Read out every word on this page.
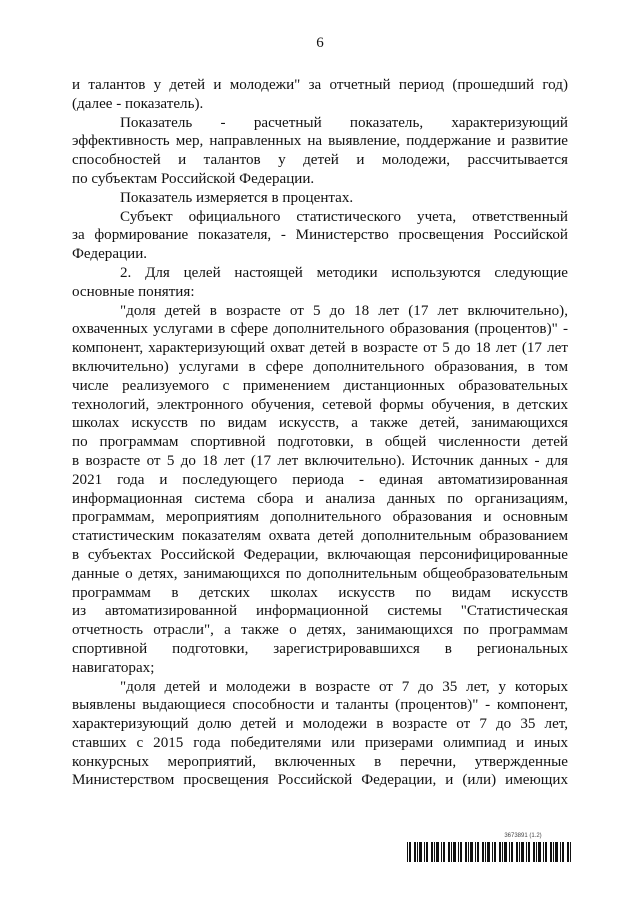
6
и талантов у детей и молодежи" за отчетный период (прошедший год)
(далее - показатель).
Показатель - расчетный показатель, характеризующий
эффективность мер, направленных на выявление, поддержание и развитие
способностей и талантов у детей и молодежи, рассчитывается
по субъектам Российской Федерации.
Показатель измеряется в процентах.
Субъект официального статистического учета, ответственный
за формирование показателя, - Министерство просвещения Российской
Федерации.
2. Для целей настоящей методики используются следующие
основные понятия:
"доля детей в возрасте от 5 до 18 лет (17 лет включительно),
охваченных услугами в сфере дополнительного образования (процентов)" -
компонент, характеризующий охват детей в возрасте от 5 до 18 лет (17 лет
включительно) услугами в сфере дополнительного образования, в том
числе реализуемого с применением дистанционных образовательных
технологий, электронного обучения, сетевой формы обучения, в детских
школах искусств по видам искусств, а также детей, занимающихся
по программам спортивной подготовки, в общей численности детей
в возрасте от 5 до 18 лет (17 лет включительно). Источник данных - для
2021 года и последующего периода - единая автоматизированная
информационная система сбора и анализа данных по организациям,
программам, мероприятиям дополнительного образования и основным
статистическим показателям охвата детей дополнительным образованием
в субъектах Российской Федерации, включающая персонифицированные
данные о детях, занимающихся по дополнительным общеобразовательным
программам в детских школах искусств по видам искусств
из автоматизированной информационной системы "Статистическая
отчетность отрасли", а также о детях, занимающихся по программам
спортивной подготовки, зарегистрировавшихся в региональных
навигаторах;
"доля детей и молодежи в возрасте от 7 до 35 лет, у которых
выявлены выдающиеся способности и таланты (процентов)" - компонент,
характеризующий долю детей и молодежи в возрасте от 7 до 35 лет,
ставших с 2015 года победителями или призерами олимпиад и иных
конкурсных мероприятий, включенных в перечни, утвержденные
Министерством просвещения Российской Федерации, и (или) имеющих
3673891 (1.2)
